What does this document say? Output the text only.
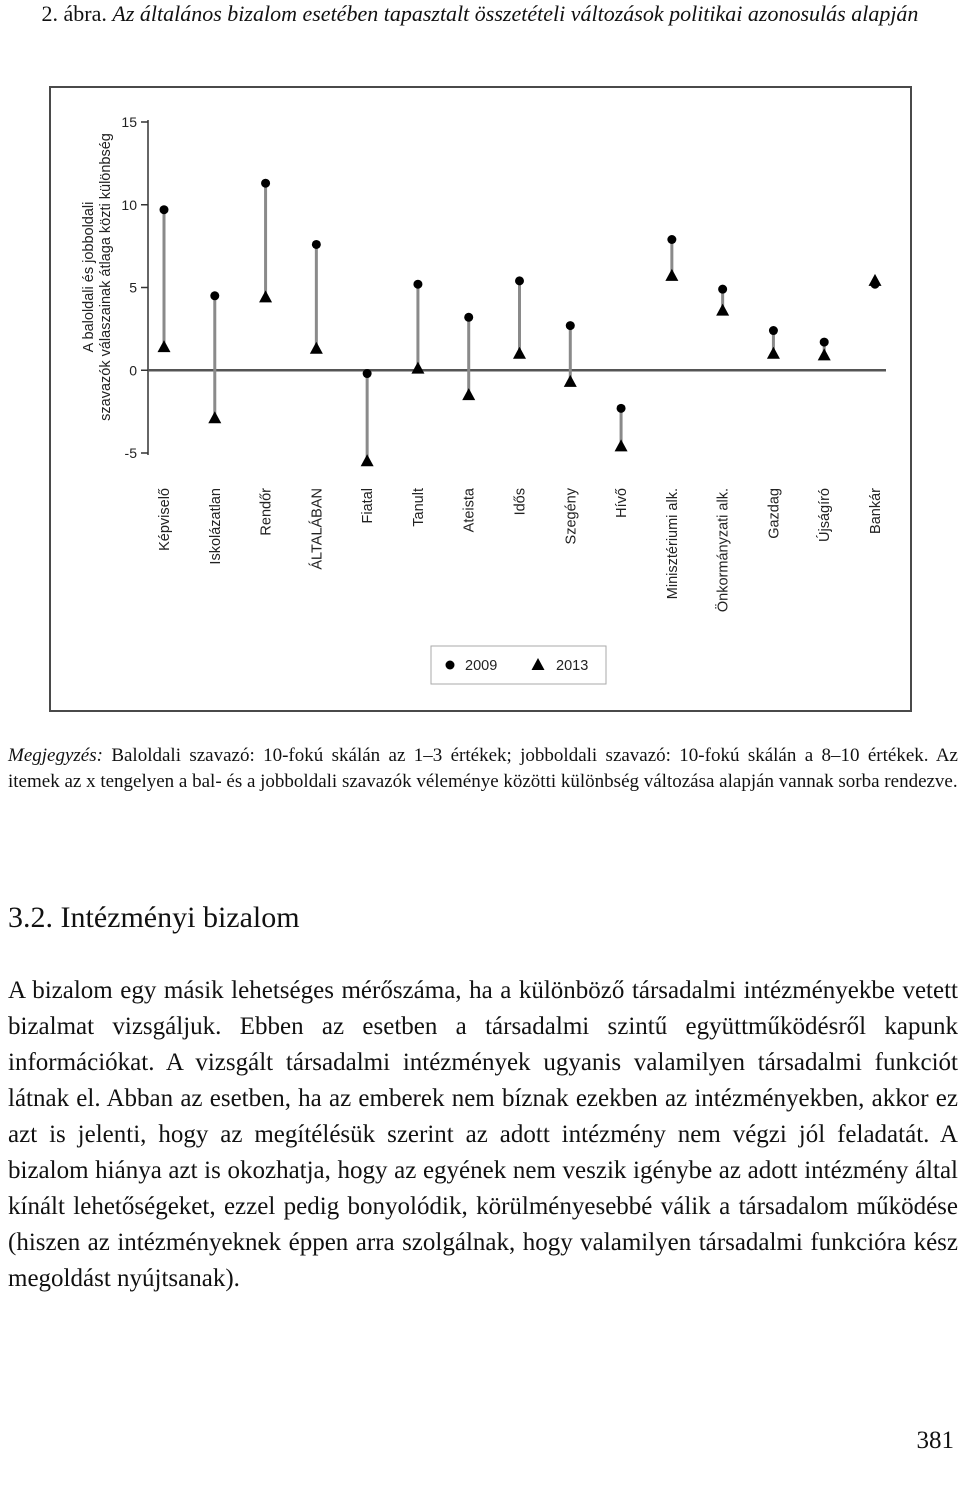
2. ábra. Az általános bizalom esetében tapasztalt összetételi változások politikai azonosulás alapján
15
10
5
0
-5
A baloldali és jobboldaliszavazók válaszainak átlaga közti különbség
Képviselő Iskolázatlan Rendőr ÁLTALÁBAN Fiatal Tanult Ateista Idős Szegény Hívő Minisztériumi alk. Önkormányzati alk. Gazdag Újságíró Bankár
2009	2013
Megjegyzés: Baloldali szavazó: 10-fokú skálán az 1–3 értékek; jobboldali szavazó: 10-fokú skálán a 8–10 értékek. Az itemek az x tengelyen a bal- és a jobboldali szavazók véleménye közötti különbség változása alapján vannak sorba rendezve.
3.2. Intézményi bizalom
A bizalom egy másik lehetséges mérőszáma, ha a különböző társadalmi intézményekbe vetett bizalmat vizsgáljuk. Ebben az esetben a társadalmi szintű együttműködésről kapunk információkat. A vizsgált társadalmi intézmények ugyanis valamilyen társadalmi funkciót látnak el. Abban az esetben, ha az emberek nem bíznak ezekben az intézményekben, akkor ez azt is jelenti, hogy az megítélésük szerint az adott intézmény nem végzi jól feladatát. A bizalom hiánya azt is okozhatja, hogy az egyének nem veszik igénybe az adott intézmény által kínált lehetőségeket, ezzel pedig bonyolódik, körülményesebbé válik a társadalom működése (hiszen az intézményeknek éppen arra szolgálnak, hogy valamilyen társadalmi funkcióra kész megoldást nyújtsanak).
381
